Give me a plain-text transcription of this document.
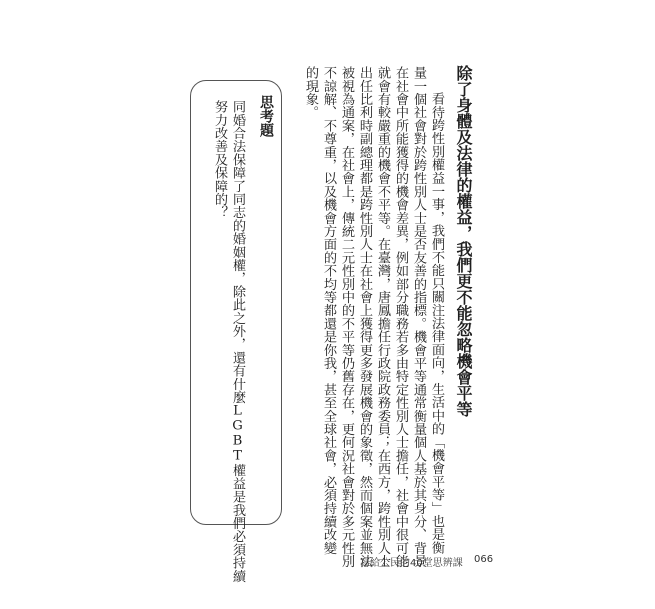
除了身體及法律的權益，我們更不能忽略機會平等
看待跨性別權益一事，我們不能只關注法律面向，生活中的「機會平等」也是衡
量一個社會對於跨性別人士是否友善的指標。機會平等通常衡量個人基於其身分、背景
在社會中所能獲得的機會差異，例如部分職務若多由特定性別人士擔任，社會中很可能
就會有較嚴重的機會不平等。在臺灣，唐鳳擔任行政院政務委員；在西方，跨性別人士
出任比利時副總理都是跨性別人士在社會上獲得更多發展機會的象徵，然而個案並無法
被視為通案，在社會上，傳統二元性別中的不平等仍舊存在，更何況社會對於多元性別
不諒解、不尊重，以及機會方面的不均等都還是你我，甚至全球社會，必須持續改變
的現象。
思考題
同婚合法保障了同志的婚姻權，除此之外，還有什麼LGBT權益是我們必須持續
努力改善及保障的？
寫給公民的40堂思辨課 066
